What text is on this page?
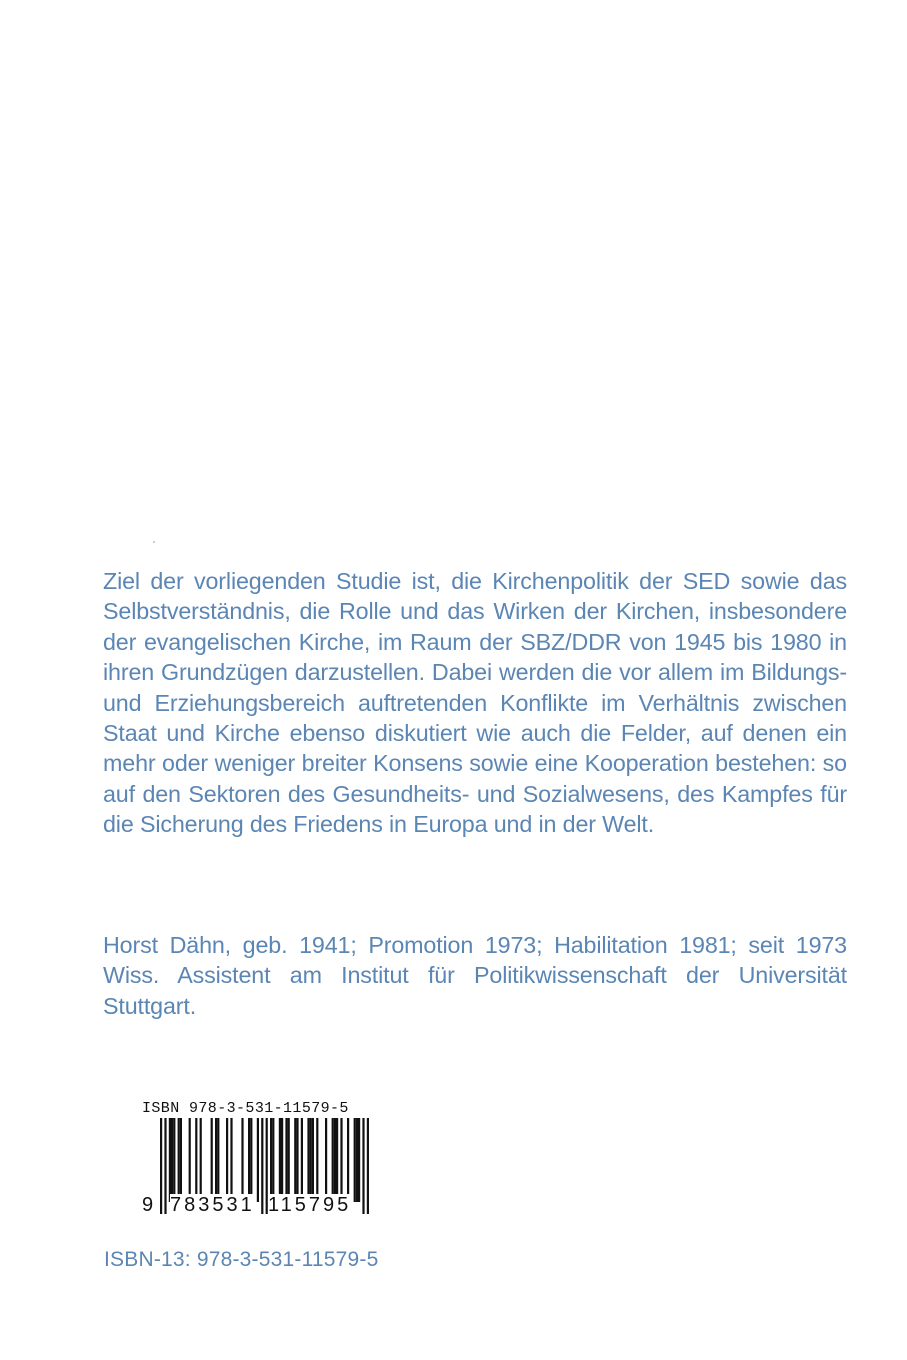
Ziel der vorliegenden Studie ist, die Kirchenpolitik der SED sowie das Selbstverständnis, die Rolle und das Wirken der Kirchen, insbesondere der evangelischen Kirche, im Raum der SBZ/DDR von 1945 bis 1980 in ihren Grundzügen darzustellen. Dabei werden die vor allem im Bildungs- und Erziehungsbereich auftretenden Konflikte im Verhältnis zwischen Staat und Kirche ebenso diskutiert wie auch die Felder, auf denen ein mehr oder weniger breiter Konsens sowie eine Kooperation bestehen: so auf den Sektoren des Gesundheits- und Sozialwesens, des Kampfes für die Sicherung des Friedens in Europa und in der Welt.

Horst Dähn, geb. 1941; Promotion 1973; Habilitation 1981; seit 1973 Wiss. Assistent am Institut für Politikwissenschaft der Universität Stuttgart.

ISBN 978-3-531-11579-5
9 783531 115795

ISBN-13: 978-3-531-11579-5
